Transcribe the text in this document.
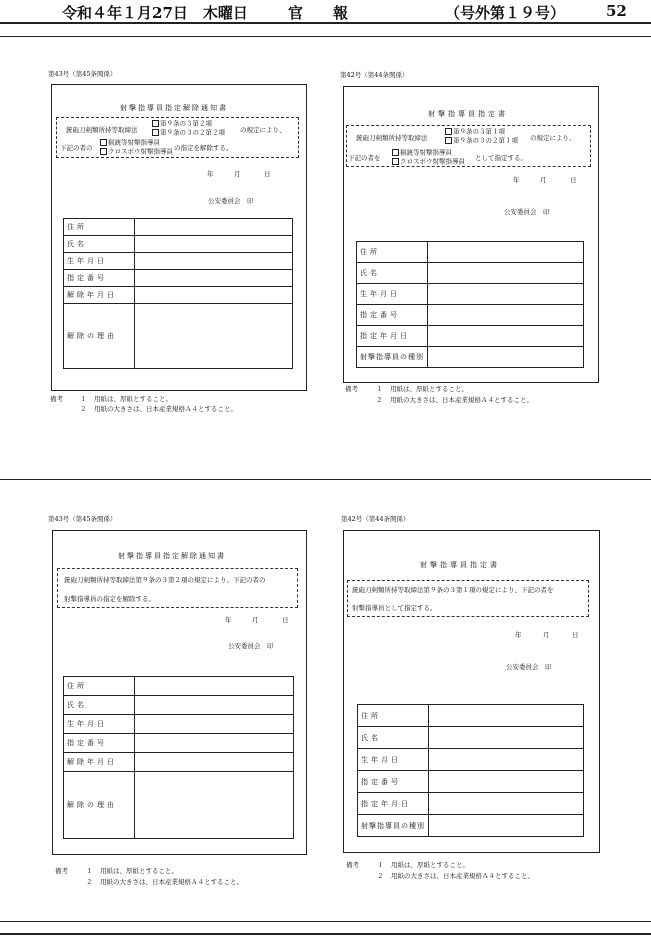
令和４年１月27日　木曜日	官　　報	（号外第１９号）	52
第43号（第45条関係）
射撃指導員指定解除通知書
銃砲刀剣類所持等取締法
第９条の３第２項
第９条の３の２第２項 の規定により、
下記の者の
猟銃等射撃指導員
クロスボウ射撃指導員 の指定を解除する。
年	月	日
公安委員会　印
住所	
氏名	
生年月日	
指定番号	
解除年月日	
解除の理由	
備考	１ 用紙は、厚紙とすること。
２ 用紙の大きさは、日本産業規格Ａ４とすること。
第42号（第44条関係）
射撃指導員指定書
銃砲刀剣類所持等取締法
第９条の３第１項
第９条の３の２第１項 の規定により、
下記の者を
猟銃等射撃指導員
クロスボウ射撃指導員 として指定する。
年	月	日
公安委員会　印
住所	
氏名	
生年月日	
指定番号	
指定年月日	
射撃指導員の種別	
備考	１ 用紙は、厚紙とすること。
２ 用紙の大きさは、日本産業規格Ａ４とすること。
第43号（第45条関係）
射撃指導員指定解除通知書
銃砲刀剣類所持等取締法第９条の３第２項の規定により、下記の者の
射撃指導員の指定を解除する。
年	月	日
公安委員会　印
住所	
氏名	
生年月日	
指定番号	
解除年月日	
解除の理由	
備考	１ 用紙は、厚紙とすること。
２ 用紙の大きさは、日本産業規格Ａ４とすること。
第42号（第44条関係）
射撃指導員指定書
銃砲刀剣類所持等取締法第９条の３第１項の規定により、下記の者を
射撃指導員として指定する。
年	月	日
公安委員会　印
住所	
氏名	
生年月日	
指定番号	
指定年月日	
射撃指導員の種別	
備考	１ 用紙は、厚紙とすること。
２ 用紙の大きさは、日本産業規格Ａ４とすること。
